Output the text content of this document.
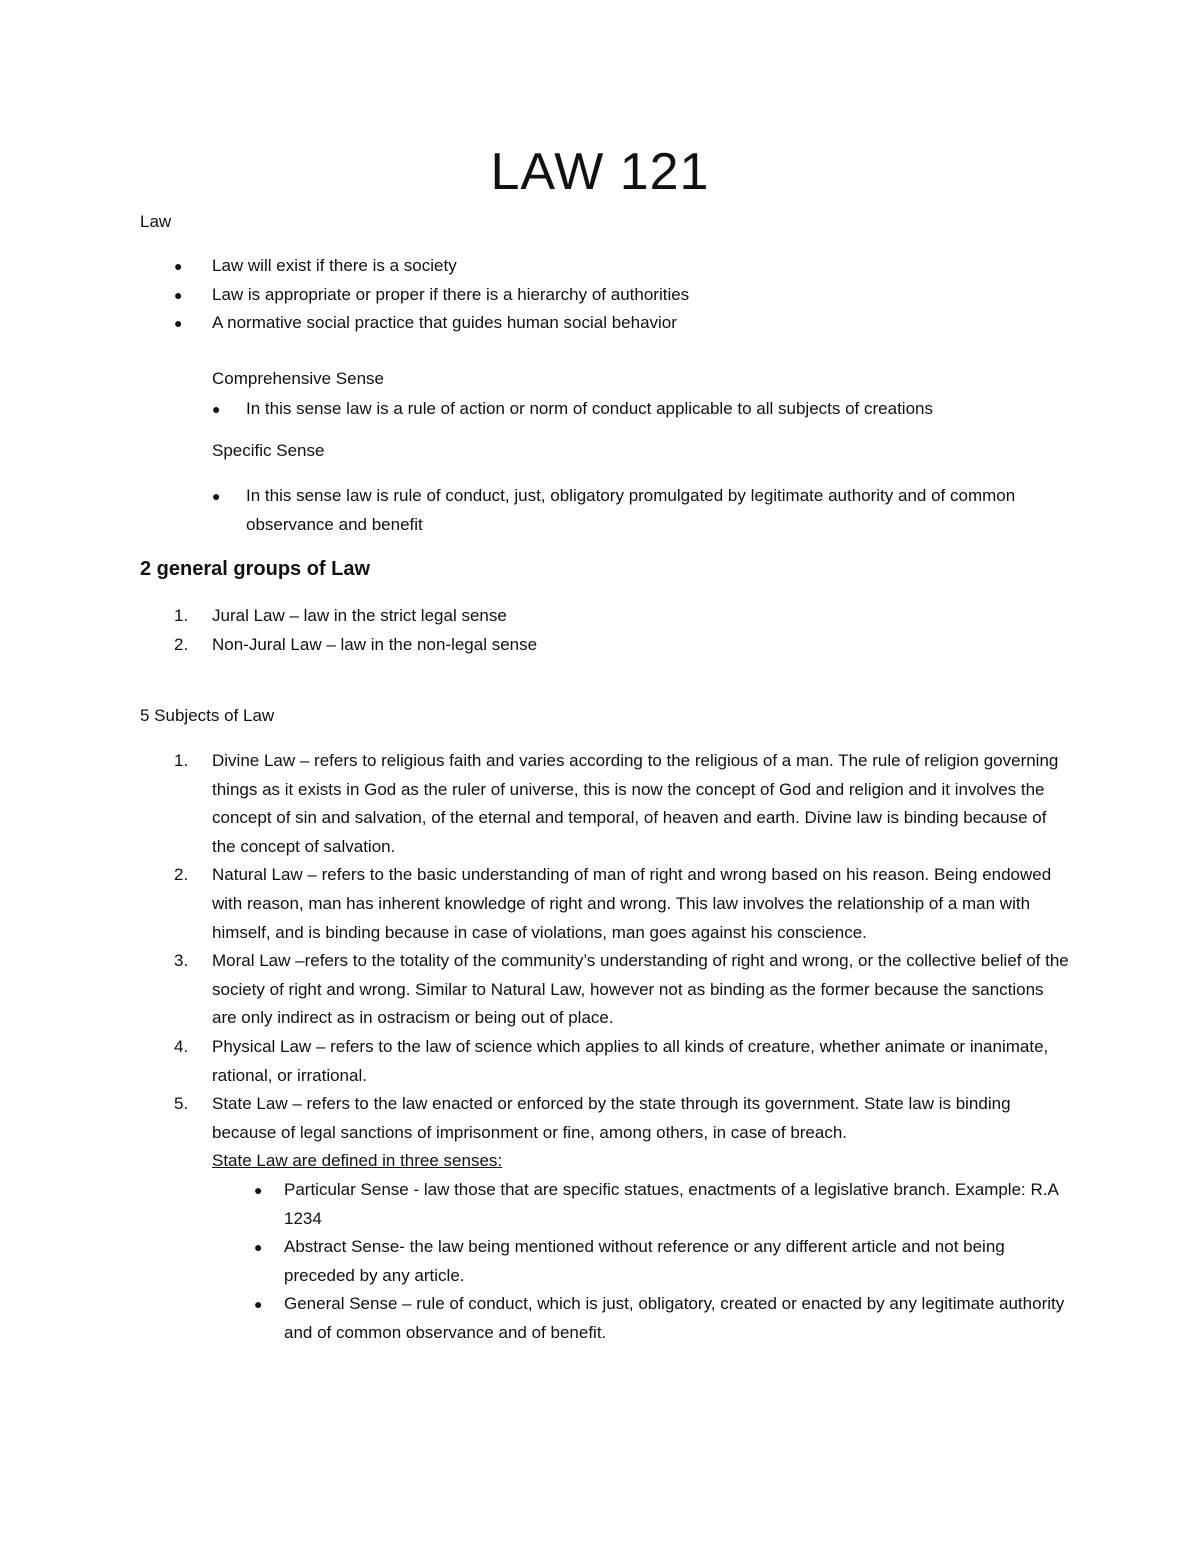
LAW 121

Law

● Law will exist if there is a society
● Law is appropriate or proper if there is a hierarchy of authorities
● A normative social practice that guides human social behavior

Comprehensive Sense

● In this sense law is a rule of action or norm of conduct applicable to all subjects of creations

Specific Sense

● In this sense law is rule of conduct, just, obligatory promulgated by legitimate authority and of common observance and benefit

2 general groups of Law

1. Jural Law – law in the strict legal sense
2. Non-Jural Law – law in the non-legal sense

5 Subjects of Law

1. Divine Law – refers to religious faith and varies according to the religious of a man. The rule of religion governing things as it exists in God as the ruler of universe, this is now the concept of God and religion and it involves the concept of sin and salvation, of the eternal and temporal, of heaven and earth. Divine law is binding because of the concept of salvation.
2. Natural Law – refers to the basic understanding of man of right and wrong based on his reason. Being endowed with reason, man has inherent knowledge of right and wrong. This law involves the relationship of a man with himself, and is binding because in case of violations, man goes against his conscience.
3. Moral Law –refers to the totality of the community’s understanding of right and wrong, or the collective belief of the society of right and wrong. Similar to Natural Law, however not as binding as the former because the sanctions are only indirect as in ostracism or being out of place.
4. Physical Law – refers to the law of science which applies to all kinds of creature, whether animate or inanimate, rational, or irrational.
5. State Law – refers to the law enacted or enforced by the state through its government. State law is binding because of legal sanctions of imprisonment or fine, among others, in case of breach.
State Law are defined in three senses:
● Particular Sense - law those that are specific statues, enactments of a legislative branch. Example: R.A 1234
● Abstract Sense- the law being mentioned without reference or any different article and not being preceded by any article.
● General Sense – rule of conduct, which is just, obligatory, created or enacted by any legitimate authority and of common observance and of benefit.
